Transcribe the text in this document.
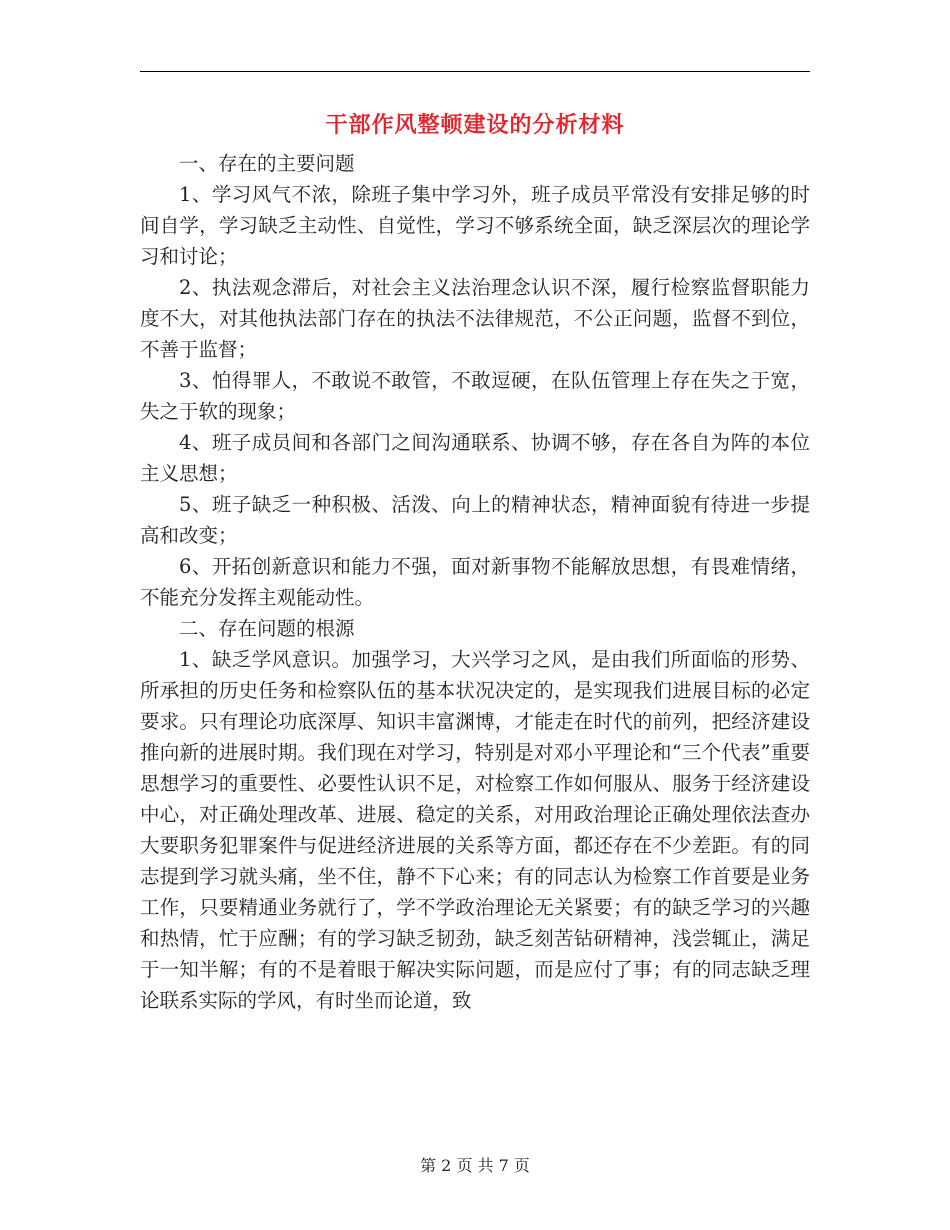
干部作风整顿建设的分析材料

一、存在的主要问题

1、学习风气不浓，除班子集中学习外，班子成员平常没有安排足够的时间自学，学习缺乏主动性、自觉性，学习不够系统全面，缺乏深层次的理论学习和讨论；

2、执法观念滞后，对社会主义法治理念认识不深，履行检察监督职能力度不大，对其他执法部门存在的执法不法律规范，不公正问题，监督不到位，不善于监督；

3、怕得罪人，不敢说不敢管，不敢逗硬，在队伍管理上存在失之于宽，失之于软的现象；

4、班子成员间和各部门之间沟通联系、协调不够，存在各自为阵的本位主义思想；

5、班子缺乏一种积极、活泼、向上的精神状态，精神面貌有待进一步提高和改变；

6、开拓创新意识和能力不强，面对新事物不能解放思想，有畏难情绪，不能充分发挥主观能动性。

二、存在问题的根源

1、缺乏学风意识。加强学习，大兴学习之风，是由我们所面临的形势、所承担的历史任务和检察队伍的基本状况决定的，是实现我们进展目标的必定要求。只有理论功底深厚、知识丰富渊博，才能走在时代的前列，把经济建设推向新的进展时期。我们现在对学习，特别是对邓小平理论和“三个代表”重要思想学习的重要性、必要性认识不足，对检察工作如何服从、服务于经济建设中心，对正确处理改革、进展、稳定的关系，对用政治理论正确处理依法查办大要职务犯罪案件与促进经济进展的关系等方面，都还存在不少差距。有的同志提到学习就头痛，坐不住，静不下心来；有的同志认为检察工作首要是业务工作，只要精通业务就行了，学不学政治理论无关紧要；有的缺乏学习的兴趣和热情，忙于应酬；有的学习缺乏韧劲，缺乏刻苦钻研精神，浅尝辄止，满足于一知半解；有的不是着眼于解决实际问题，而是应付了事；有的同志缺乏理论联系实际的学风，有时坐而论道，致

第 2 页 共 7 页
